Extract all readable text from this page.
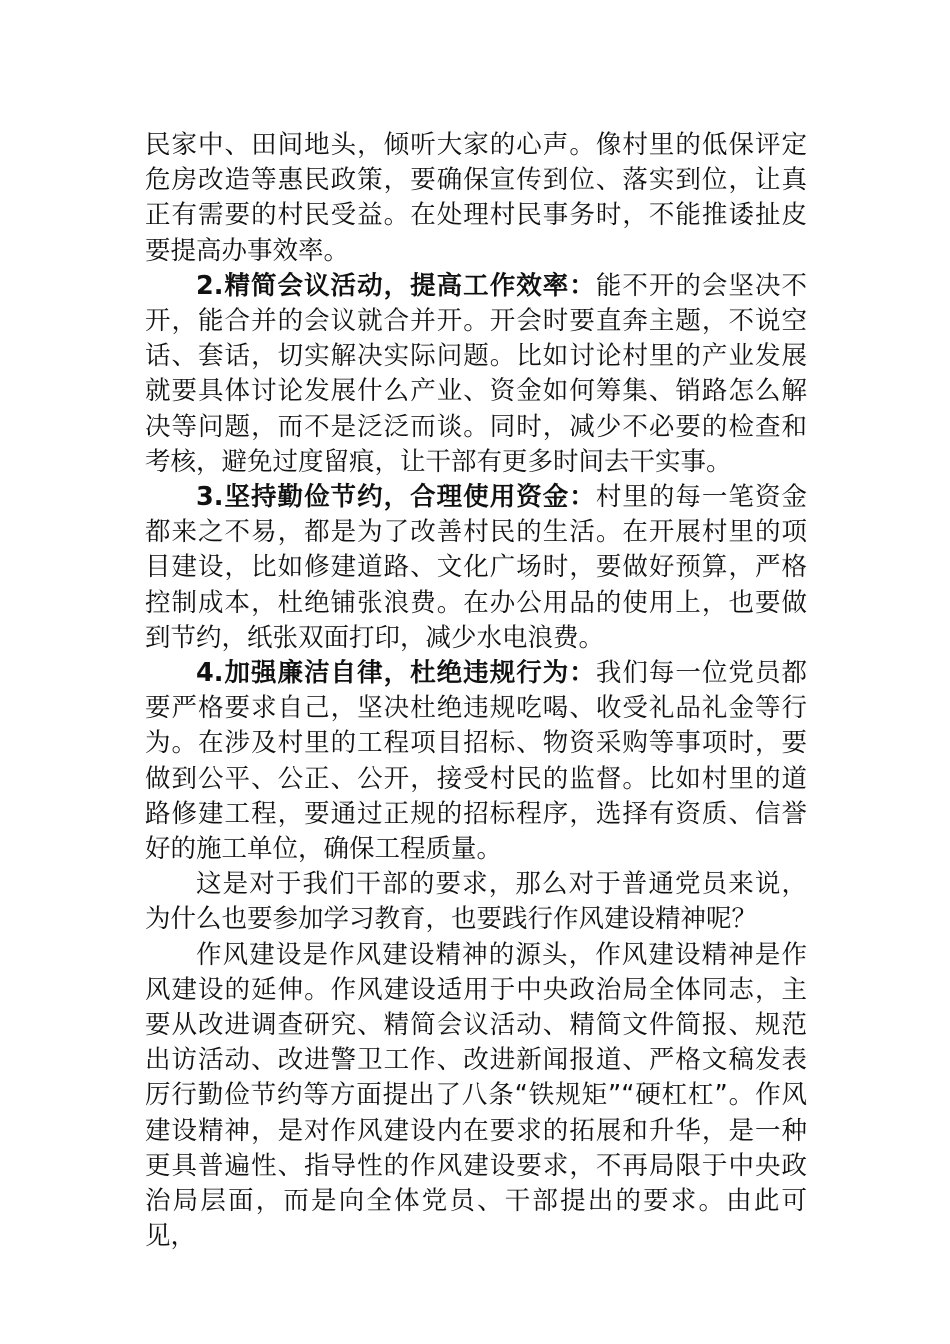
民家中、田间地头，倾听大家的心声。像村里的低保评定危房改造等惠民政策，要确保宣传到位、落实到位，让真正有需要的村民受益。在处理村民事务时，不能推诿扯皮要提高办事效率。

2.精简会议活动，提高工作效率：能不开的会坚决不开，能合并的会议就合并开。开会时要直奔主题，不说空话、套话，切实解决实际问题。比如讨论村里的产业发展就要具体讨论发展什么产业、资金如何筹集、销路怎么解决等问题，而不是泛泛而谈。同时，减少不必要的检查和考核，避免过度留痕，让干部有更多时间去干实事。

3.坚持勤俭节约，合理使用资金：村里的每一笔资金都来之不易，都是为了改善村民的生活。在开展村里的项目建设，比如修建道路、文化广场时，要做好预算，严格控制成本，杜绝铺张浪费。在办公用品的使用上，也要做到节约，纸张双面打印，减少水电浪费。

4.加强廉洁自律，杜绝违规行为：我们每一位党员都要严格要求自己，坚决杜绝违规吃喝、收受礼品礼金等行为。在涉及村里的工程项目招标、物资采购等事项时，要做到公平、公正、公开，接受村民的监督。比如村里的道路修建工程，要通过正规的招标程序，选择有资质、信誉好的施工单位，确保工程质量。

这是对于我们干部的要求，那么对于普通党员来说，为什么也要参加学习教育，也要践行作风建设精神呢？

作风建设是作风建设精神的源头，作风建设精神是作风建设的延伸。作风建设适用于中央政治局全体同志，主要从改进调查研究、精简会议活动、精简文件简报、规范出访活动、改进警卫工作、改进新闻报道、严格文稿发表厉行勤俭节约等方面提出了八条“铁规矩”“硬杠杠”。作风建设精神，是对作风建设内在要求的拓展和升华，是一种更具普遍性、指导性的作风建设要求，不再局限于中央政治局层面，而是向全体党员、干部提出的要求。由此可见，
